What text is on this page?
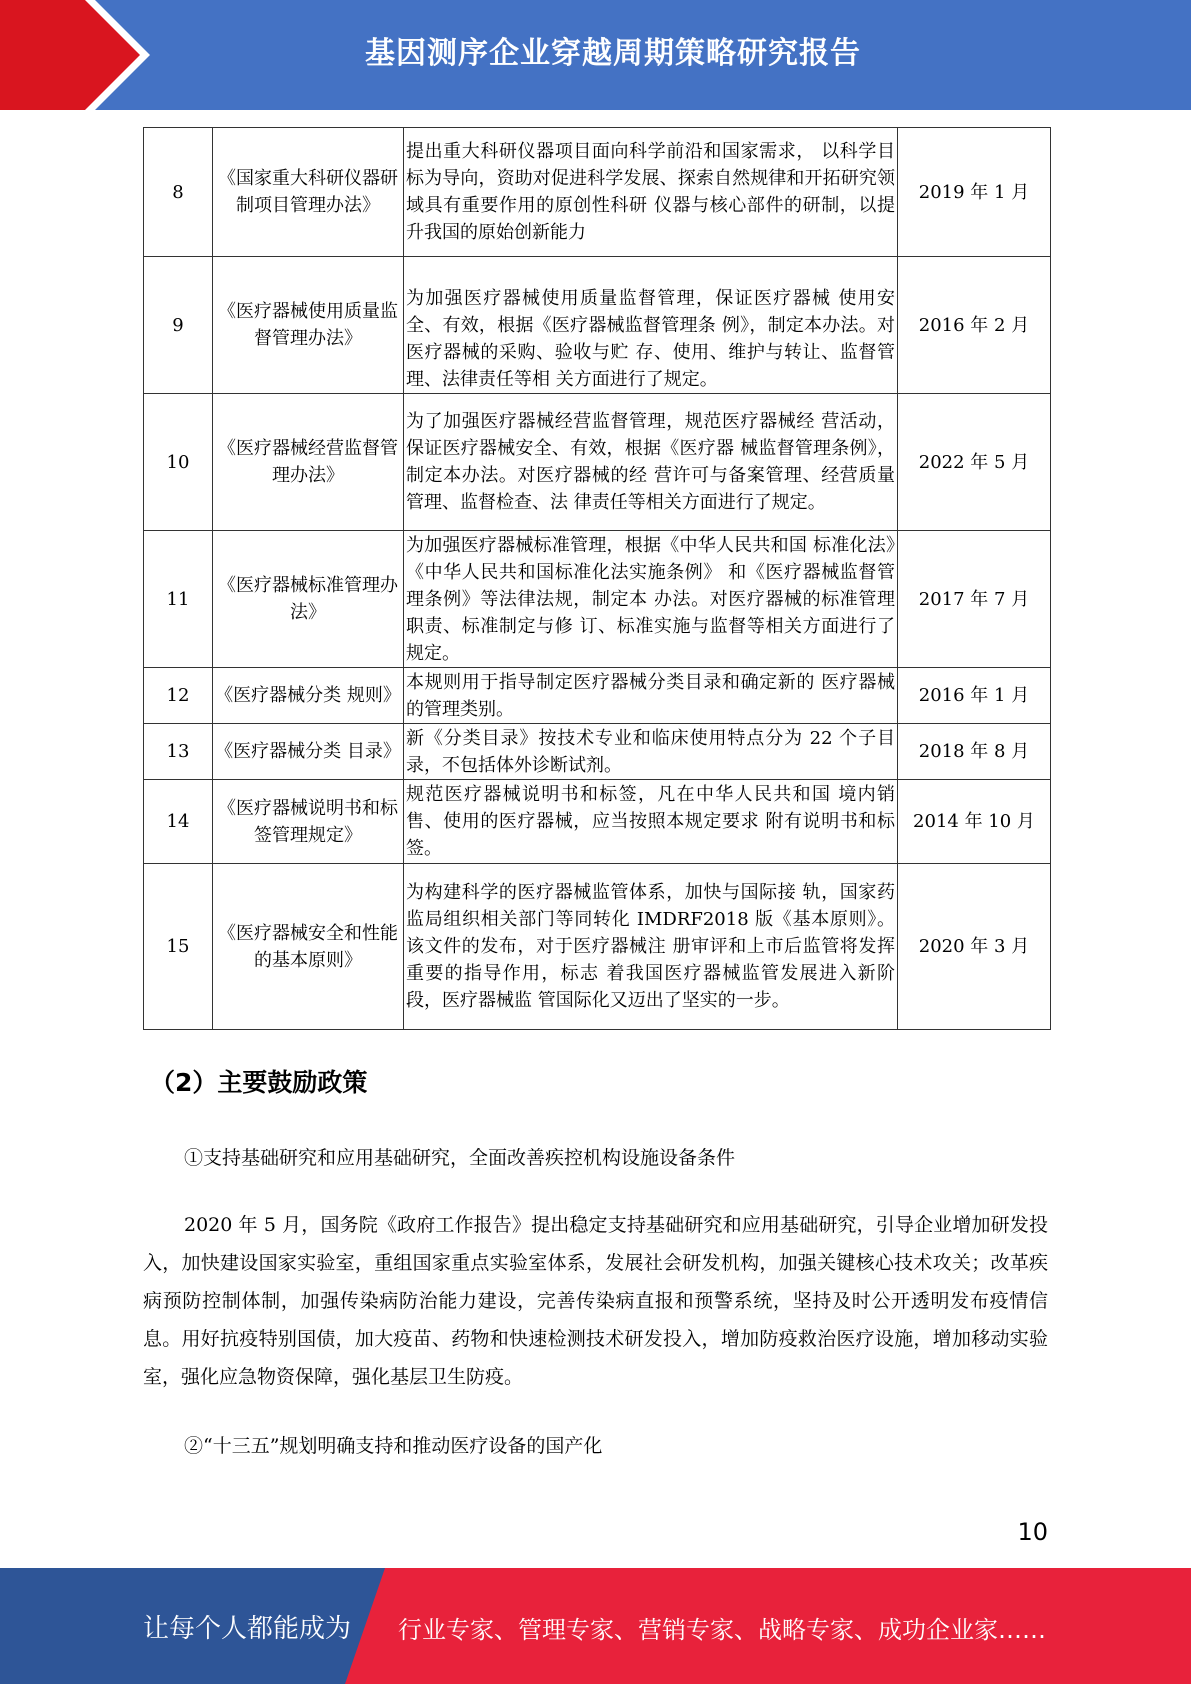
基因测序企业穿越周期策略研究报告
8	《国家重大科研仪器研制项目管理办法》	提出重大科研仪器项目面向科学前沿和国家需求， 以科学目标为导向，资助对促进科学发展、探索自然规律和开拓研究领域具有重要作用的原创性科研 仪器与核心部件的研制，以提升我国的原始创新能力	2019 年 1 月
9	《医疗器械使用质量监督管理办法》	为加强医疗器械使用质量监督管理，保证医疗器械 使用安全、有效，根据《医疗器械监督管理条 例》，制定本办法。对医疗器械的采购、验收与贮 存、使用、维护与转让、监督管理、法律责任等相 关方面进行了规定。	2016 年 2 月
10	《医疗器械经营监督管理办法》	为了加强医疗器械经营监督管理，规范医疗器械经 营活动，保证医疗器械安全、有效，根据《医疗器 械监督管理条例》，制定本办法。对医疗器械的经 营许可与备案管理、经营质量管理、监督检查、法 律责任等相关方面进行了规定。	2022 年 5 月
11	《医疗器械标准管理办法》	为加强医疗器械标准管理，根据《中华人民共和国 标准化法》《中华人民共和国标准化法实施条例》 和《医疗器械监督管理条例》等法律法规，制定本 办法。对医疗器械的标准管理职责、标准制定与修 订、标准实施与监督等相关方面进行了规定。	2017 年 7 月
12	《医疗器械分类 规则》	本规则用于指导制定医疗器械分类目录和确定新的 医疗器械的管理类别。	2016 年 1 月
13	《医疗器械分类 目录》	新《分类目录》按技术专业和临床使用特点分为 22 个子目录，不包括体外诊断试剂。	2018 年 8 月
14	《医疗器械说明书和标签管理规定》	规范医疗器械说明书和标签，凡在中华人民共和国 境内销售、使用的医疗器械，应当按照本规定要求 附有说明书和标签。	2014 年 10 月
15	《医疗器械安全和性能的基本原则》	为构建科学的医疗器械监管体系，加快与国际接 轨，国家药监局组织相关部门等同转化 IMDRF2018 版《基本原则》。该文件的发布，对于医疗器械注 册审评和上市后监管将发挥重要的指导作用，标志 着我国医疗器械监管发展进入新阶段，医疗器械监 管国际化又迈出了坚实的一步。	2020 年 3 月
（2）主要鼓励政策
①支持基础研究和应用基础研究，全面改善疾控机构设施设备条件
2020 年 5 月，国务院《政府工作报告》提出稳定支持基础研究和应用基础研究，引导企业增加研发投入，加快建设国家实验室，重组国家重点实验室体系，发展社会研发机构，加强关键核心技术攻关；改革疾病预防控制体制，加强传染病防治能力建设，完善传染病直报和预警系统，坚持及时公开透明发布疫情信息。用好抗疫特别国债，加大疫苗、药物和快速检测技术研发投入，增加防疫救治医疗设施，增加移动实验室，强化应急物资保障，强化基层卫生防疫。
②“十三五”规划明确支持和推动医疗设备的国产化
10
让每个人都能成为 行业专家、管理专家、营销专家、战略专家、成功企业家……
